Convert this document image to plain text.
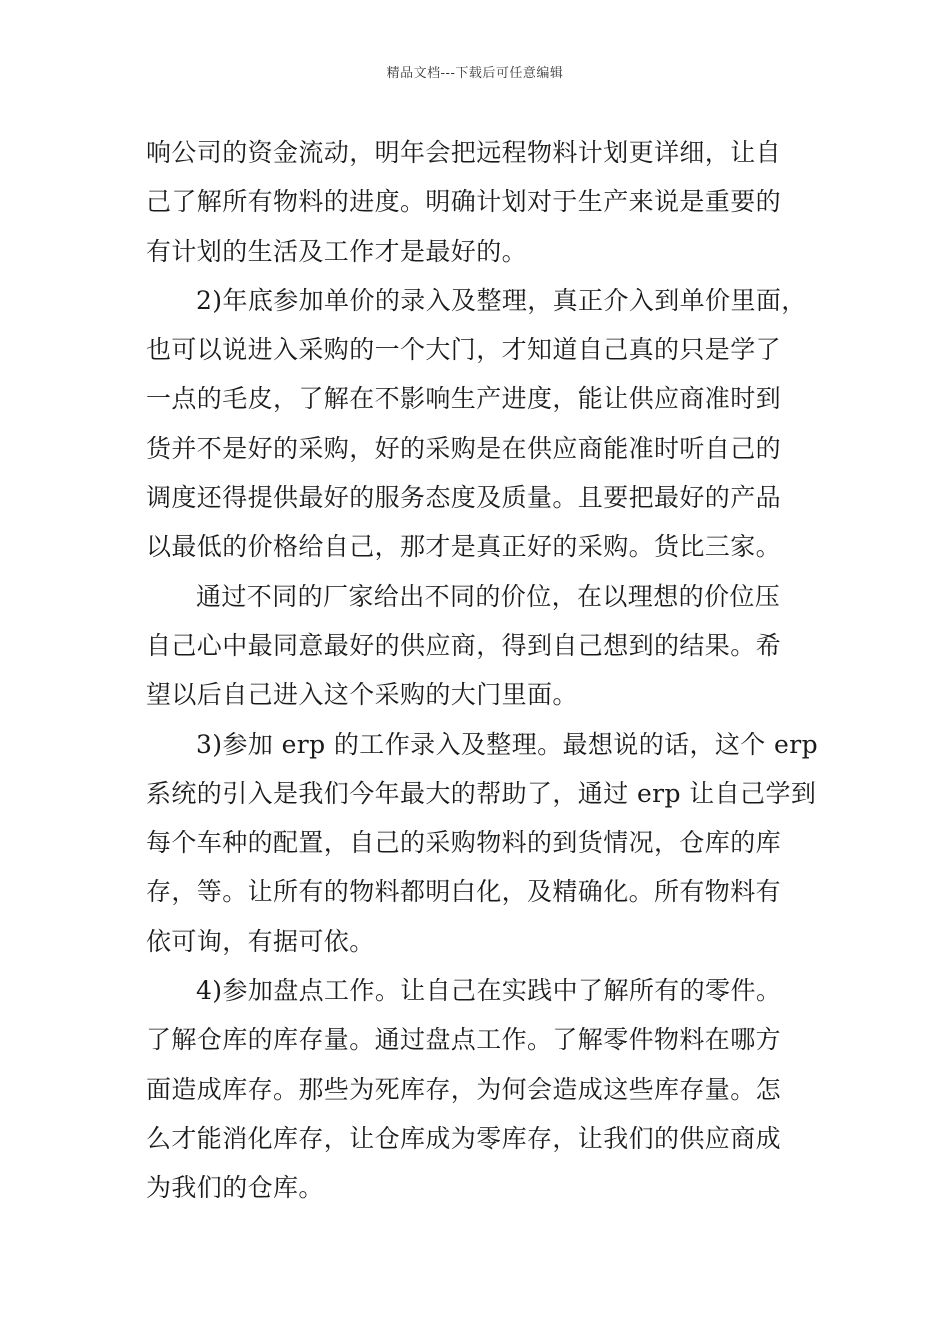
精品文档---下载后可任意编辑
响公司的资金流动，明年会把远程物料计划更详细，让自
己了解所有物料的进度。明确计划对于生产来说是重要的
有计划的生活及工作才是最好的。
2)年底参加单价的录入及整理，真正介入到单价里面，
也可以说进入采购的一个大门，才知道自己真的只是学了
一点的毛皮，了解在不影响生产进度，能让供应商准时到
货并不是好的采购，好的采购是在供应商能准时听自己的
调度还得提供最好的服务态度及质量。且要把最好的产品
以最低的价格给自己，那才是真正好的采购。货比三家。
通过不同的厂家给出不同的价位，在以理想的价位压
自己心中最同意最好的供应商，得到自己想到的结果。希
望以后自己进入这个采购的大门里面。
3)参加 erp 的工作录入及整理。最想说的话，这个 erp
系统的引入是我们今年最大的帮助了，通过 erp 让自己学到
每个车种的配置，自己的采购物料的到货情况，仓库的库
存，等。让所有的物料都明白化，及精确化。所有物料有
依可询，有据可依。
4)参加盘点工作。让自己在实践中了解所有的零件。
了解仓库的库存量。通过盘点工作。了解零件物料在哪方
面造成库存。那些为死库存，为何会造成这些库存量。怎
么才能消化库存，让仓库成为零库存，让我们的供应商成
为我们的仓库。
